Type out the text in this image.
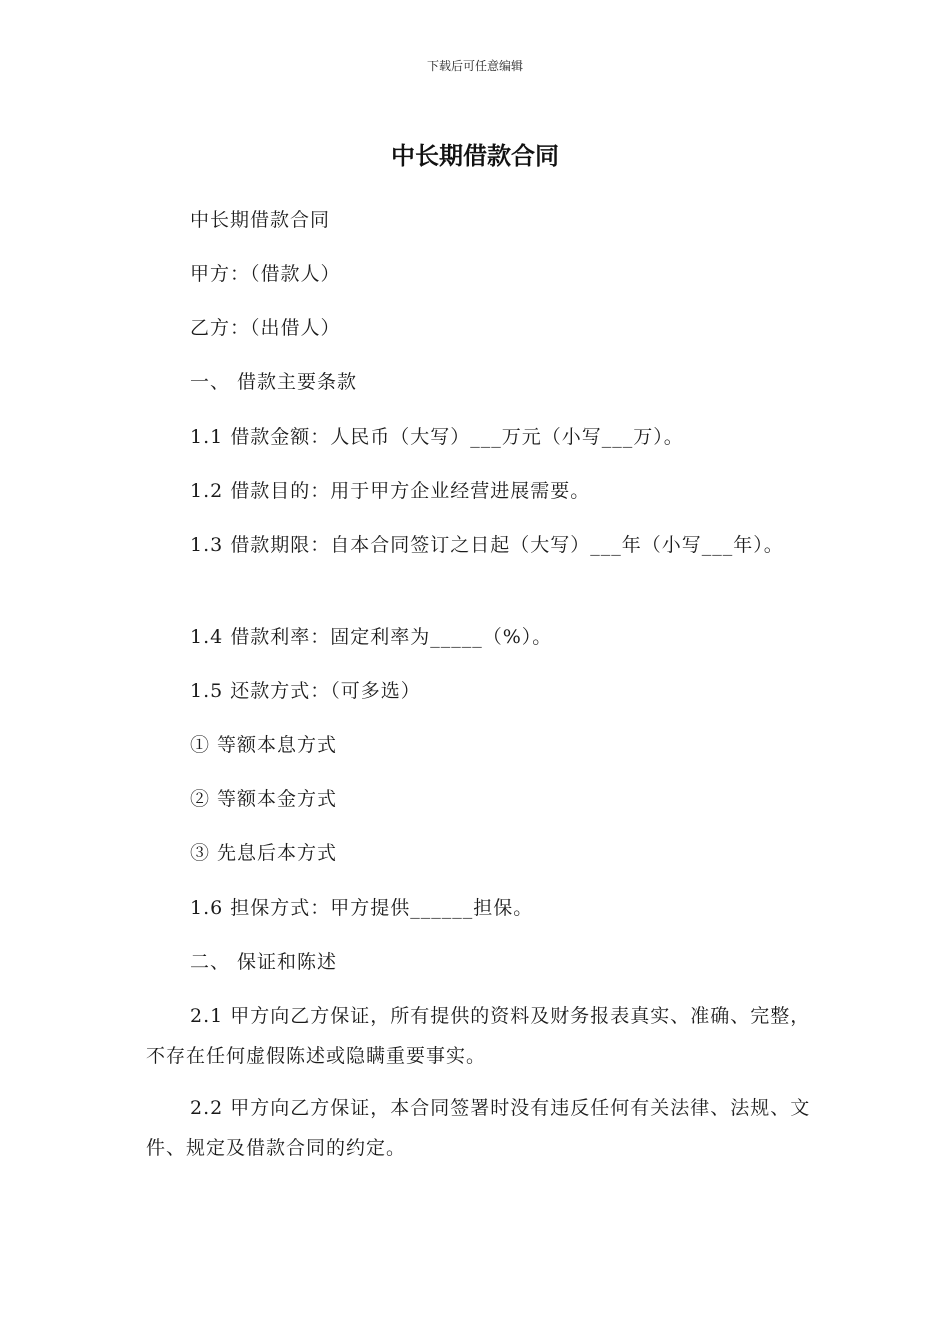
下载后可任意编辑
中长期借款合同
中长期借款合同
甲方：（借款人）
乙方：（出借人）
一、 借款主要条款
1.1 借款金额：人民币（大写）___万元（小写___万）。
1.2 借款目的：用于甲方企业经营进展需要。
1.3 借款期限：自本合同签订之日起（大写）___年（小写___年）。
1.4 借款利率：固定利率为_____（%）。
1.5 还款方式：（可多选）
① 等额本息方式
② 等额本金方式
③ 先息后本方式
1.6 担保方式：甲方提供______担保。
二、 保证和陈述
2.1 甲方向乙方保证，所有提供的资料及财务报表真实、准确、完整，不存在任何虚假陈述或隐瞒重要事实。
2.2 甲方向乙方保证，本合同签署时没有违反任何有关法律、法规、文件、规定及借款合同的约定。
